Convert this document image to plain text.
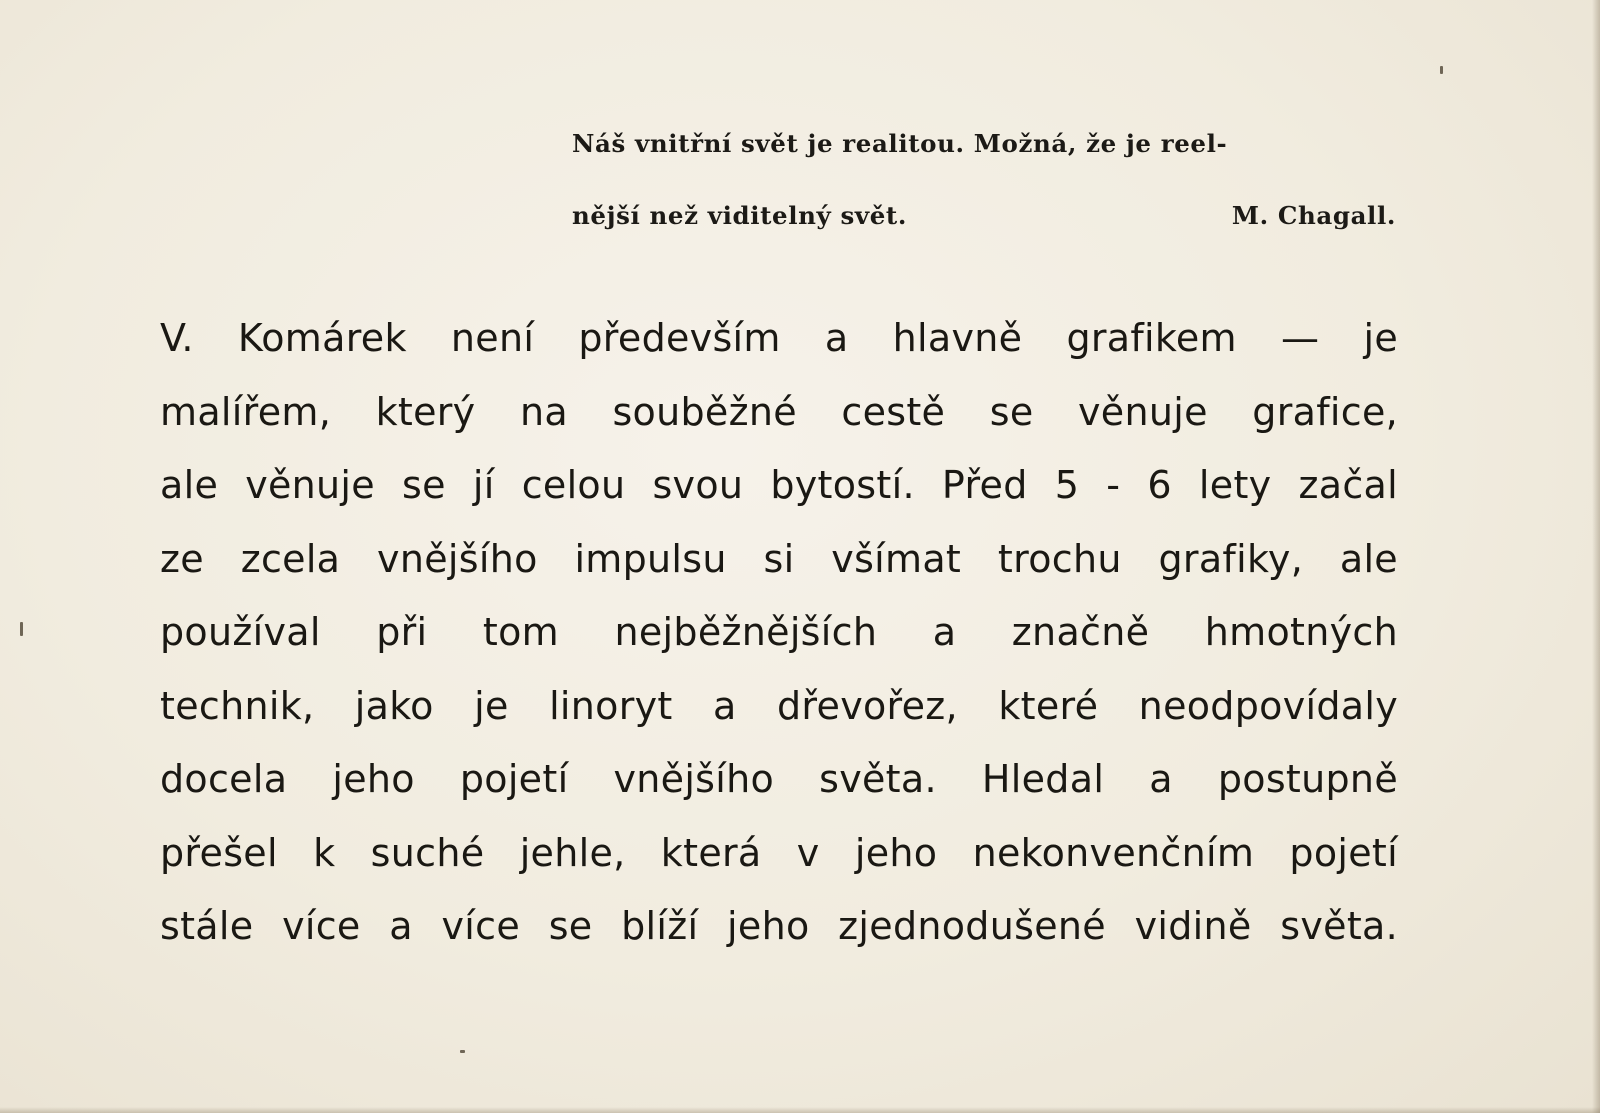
Náš vnitřní svět je realitou. Možná, že je reel-
nější než viditelný svět.	M. Chagall.
V. Komárek není především a hlavně grafikem — je
malířem, který na souběžné cestě se věnuje grafice,
ale věnuje se jí celou svou bytostí. Před 5 - 6 lety začal
ze zcela vnějšího impulsu si všímat trochu grafiky, ale
používal při tom nejběžnějších a značně hmotných
technik, jako je linoryt a dřevořez, které neodpovídaly
docela jeho pojetí vnějšího světa. Hledal a postupně
přešel k suché jehle, která v jeho nekonvenčním pojetí
stále více a více se blíží jeho zjednodušené vidině světa.
